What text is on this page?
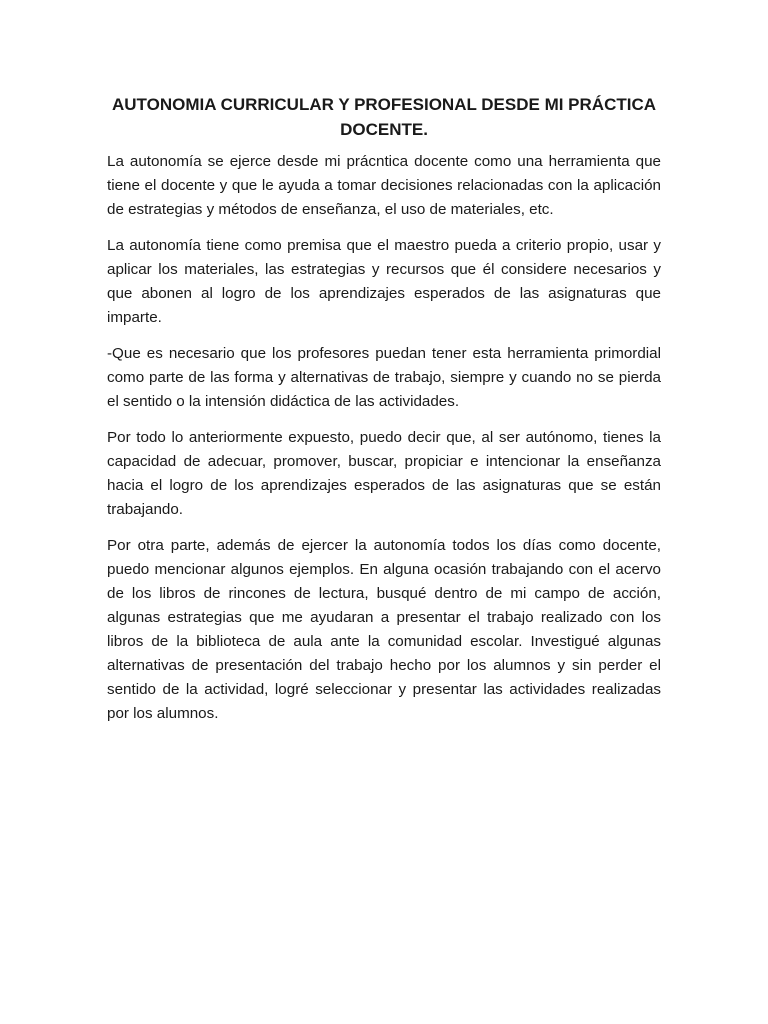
AUTONOMIA CURRICULAR Y PROFESIONAL DESDE MI PRÁCTICA DOCENTE.

La autonomía se ejerce desde mi prácntica docente como una herramienta que tiene el docente y que le ayuda a tomar decisiones relacionadas con la aplicación de estrategias y métodos de enseñanza, el uso de materiales, etc.

La autonomía tiene como premisa que el maestro pueda a criterio propio, usar y aplicar los materiales, las estrategias y recursos que él considere necesarios y que abonen al logro de los aprendizajes esperados de las asignaturas que imparte.

-Que es necesario que los profesores puedan tener esta herramienta primordial como parte de las forma y alternativas de trabajo, siempre y cuando no se pierda el sentido o la intensión didáctica de las actividades.

Por todo lo anteriormente expuesto, puedo decir que, al ser autónomo, tienes la capacidad de adecuar, promover, buscar, propiciar e intencionar la enseñanza hacia el logro de los aprendizajes esperados de las asignaturas que se están trabajando.

Por otra parte, además de ejercer la autonomía todos los días como docente, puedo mencionar algunos ejemplos. En alguna ocasión trabajando con el acervo de los libros de rincones de lectura, busqué dentro de mi campo de acción, algunas estrategias que me ayudaran a presentar el trabajo realizado con los libros de la biblioteca de aula ante la comunidad escolar. Investigué algunas alternativas de presentación del trabajo hecho por los alumnos y sin perder el sentido de la actividad, logré seleccionar y presentar las actividades realizadas por los alumnos.
